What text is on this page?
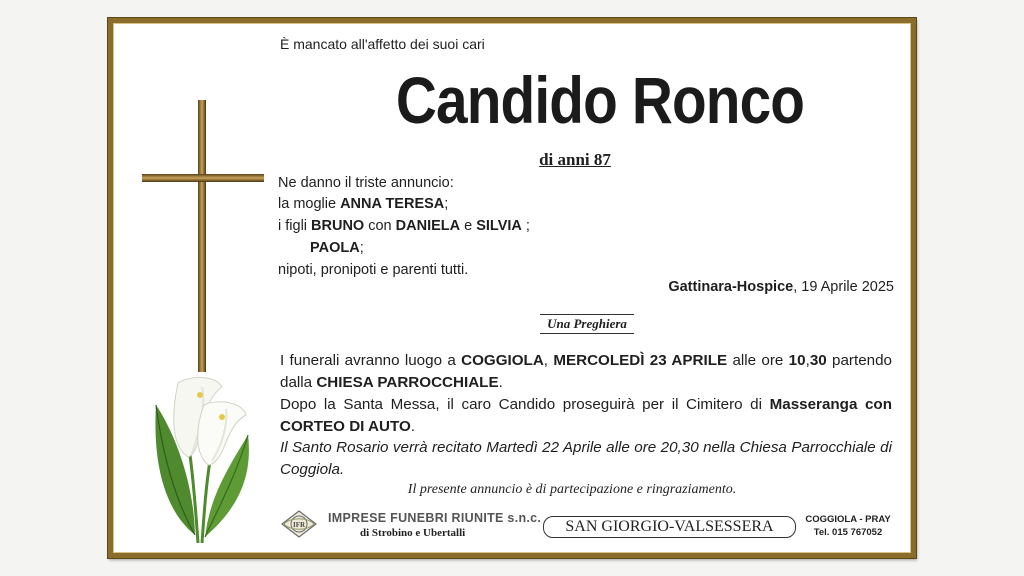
È mancato all'affetto dei suoi cari
Candido Ronco
di anni 87
Ne danno il triste annuncio:
la moglie ANNA TERESA;
i figli BRUNO con DANIELA e SILVIA ;
PAOLA;
nipoti, pronipoti e parenti tutti.
Gattinara-Hospice, 19 Aprile 2025
Una Preghiera
I funerali avranno luogo a COGGIOLA, MERCOLEDÌ 23 APRILE alle ore 10,30 partendo dalla CHIESA PARROCCHIALE.
Dopo la Santa Messa, il caro Candido proseguirà per il Cimitero di Masseranga con CORTEO DI AUTO.
Il Santo Rosario verrà recitato Martedì 22 Aprile alle ore 20,30 nella Chiesa Parrocchiale di Coggiola.
Il presente annuncio è di partecipazione e ringraziamento.
IFR IMPRESE FUNEBRI RIUNITE s.n.c.
di Strobino e Ubertalli	SAN GIORGIO-VALSESSERA	COGGIOLA - PRAY
Tel. 015 767052
